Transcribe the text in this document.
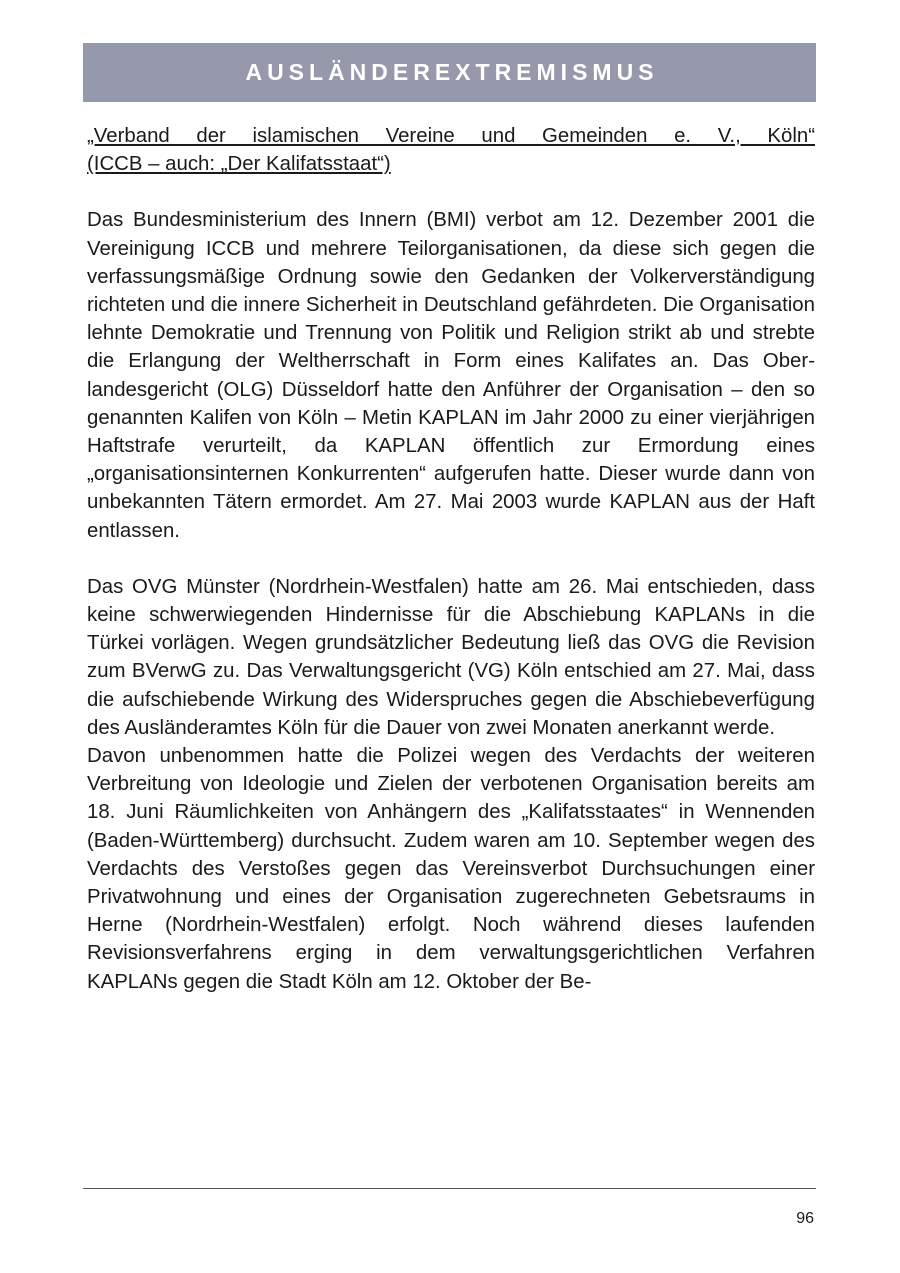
AUSLÄNDEREXTREMISMUS

„Verband der islamischen Vereine und Gemeinden e. V., Köln“
(ICCB – auch: „Der Kalifatsstaat“)

Das Bundesministerium des Innern (BMI) verbot am 12. Dezember 2001 die Vereinigung ICCB und mehrere Teilorganisationen, da diese sich gegen die verfassungsmäßige Ordnung sowie den Gedanken der Volkerverständigung richteten und die innere Sicherheit in Deutschland gefährdeten. Die Organisation lehnte Demokratie und Trennung von Politik und Religion strikt ab und strebte die Erlangung der Weltherrschaft in Form eines Kalifates an. Das Oberlandesgericht (OLG) Düsseldorf hatte den Anführer der Organisation – den so genannten Kalifen von Köln – Metin KAPLAN im Jahr 2000 zu einer vierjährigen Haftstrafe verurteilt, da KAPLAN öffentlich zur Ermordung eines „organisationsinternen Konkurrenten“ aufgerufen hatte. Dieser wurde dann von unbekannten Tätern ermordet. Am 27. Mai 2003 wurde KAPLAN aus der Haft entlassen.

Das OVG Münster (Nordrhein-Westfalen) hatte am 26. Mai entschieden, dass keine schwerwiegenden Hindernisse für die Abschiebung KAPLANs in die Türkei vorlägen. Wegen grundsätzlicher Bedeutung ließ das OVG die Revision zum BVerwG zu. Das Verwaltungsgericht (VG) Köln entschied am 27. Mai, dass die aufschiebende Wirkung des Widerspruches gegen die Abschiebeverfügung des Ausländeramtes Köln für die Dauer von zwei Monaten anerkannt werde.

Davon unbenommen hatte die Polizei wegen des Verdachts der weiteren Verbreitung von Ideologie und Zielen der verbotenen Organisation bereits am 18. Juni Räumlichkeiten von Anhängern des „Kalifatsstaates“ in Wennenden (Baden-Württemberg) durchsucht. Zudem waren am 10. September wegen des Verdachts des Verstoßes gegen das Vereinsverbot Durchsuchungen einer Privatwohnung und eines der Organisation zugerechneten Gebetsraums in Herne (Nordrhein-Westfalen) erfolgt. Noch während dieses laufenden Revisionsverfahrens erging in dem verwaltungsgerichtlichen Verfahren KAPLANs gegen die Stadt Köln am 12. Oktober der Be-

96
